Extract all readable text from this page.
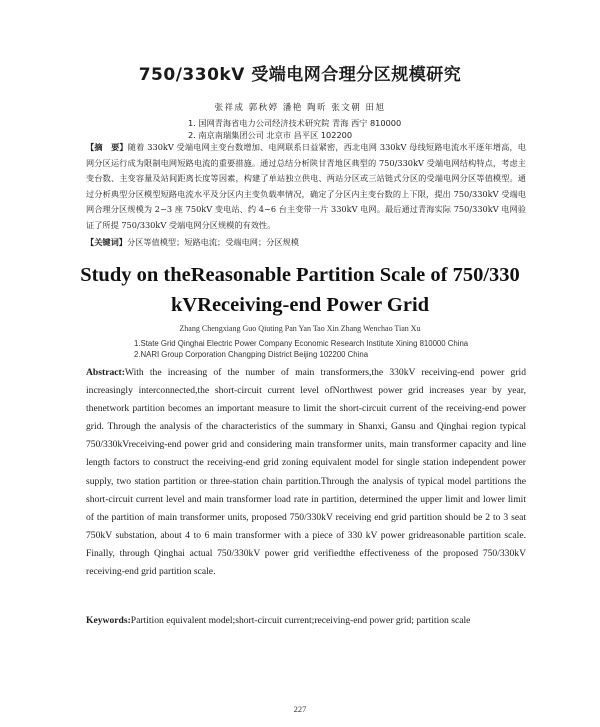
750/330kV 受端电网合理分区规模研究
张祥成 郭秋婷 潘艳 陶昕 张文朝 田旭
1. 国网青海省电力公司经济技术研究院 青海 西宁 810000
2. 南京南瑞集团公司 北京市 昌平区 102200
【摘　要】随着 330kV 受端电网主变台数增加、电网联系日益紧密，西北电网 330kV 母线短路电流水平逐年增高，电网分区运行成为限制电网短路电流的重要措施。通过总结分析陕甘青地区典型的 750/330kV 受端电网结构特点，考虑主变台数、主变容量及站间距离长度等因素，构建了单站独立供电、两站分区或三站链式分区的受端电网分区等值模型。通过分析典型分区模型短路电流水平及分区内主变负载率情况，确定了分区内主变台数的上下限，提出 750/330kV 受端电网合理分区规模为 2~3 座 750kV 变电站、约 4~6 台主变带一片 330kV 电网。最后通过青海实际 750/330kV 电网验证了所提 750/330kV 受端电网分区规模的有效性。
【关键词】分区等值模型；短路电流；受端电网；分区规模
Study on theReasonable Partition Scale of 750/330
kVReceiving-end Power Grid
Zhang Chengxiang Guo Qiuting Pan Yan Tao Xin Zhang Wenchao Tian Xu
1.State Grid Qinghai Electric Power Company Economic Research Institute Xining 810000 China
2.NARI Group Corporation Changping District Beijing 102200 China
Abstract:With the increasing of the number of main transformers,the 330kV receiving-end power grid increasingly interconnected,the short-circuit current level ofNorthwest power grid increases year by year, thenetwork partition becomes an important measure to limit the short-circuit current of the receiving-end power grid. Through the analysis of the characteristics of the summary in Shanxi, Gansu and Qinghai region typical 750/330kVreceiving-end power grid and considering main transformer units, main transformer capacity and line length factors to construct the receiving-end grid zoning equivalent model for single station independent power supply, two station partition or three-station chain partition.Through the analysis of typical model partitions the short-circuit current level and main transformer load rate in partition, determined the upper limit and lower limit of the partition of main transformer units, proposed 750/330kV receiving end grid partition should be 2 to 3 seat 750kV substation, about 4 to 6 main transformer with a piece of 330 kV power gridreasonable partition scale. Finally, through Qinghai actual 750/330kV power grid verifiedthe effectiveness of the proposed 750/330kV receiving-end grid partition scale.
Keywords:Partition equivalent model;short-circuit current;receiving-end power grid; partition scale
227
